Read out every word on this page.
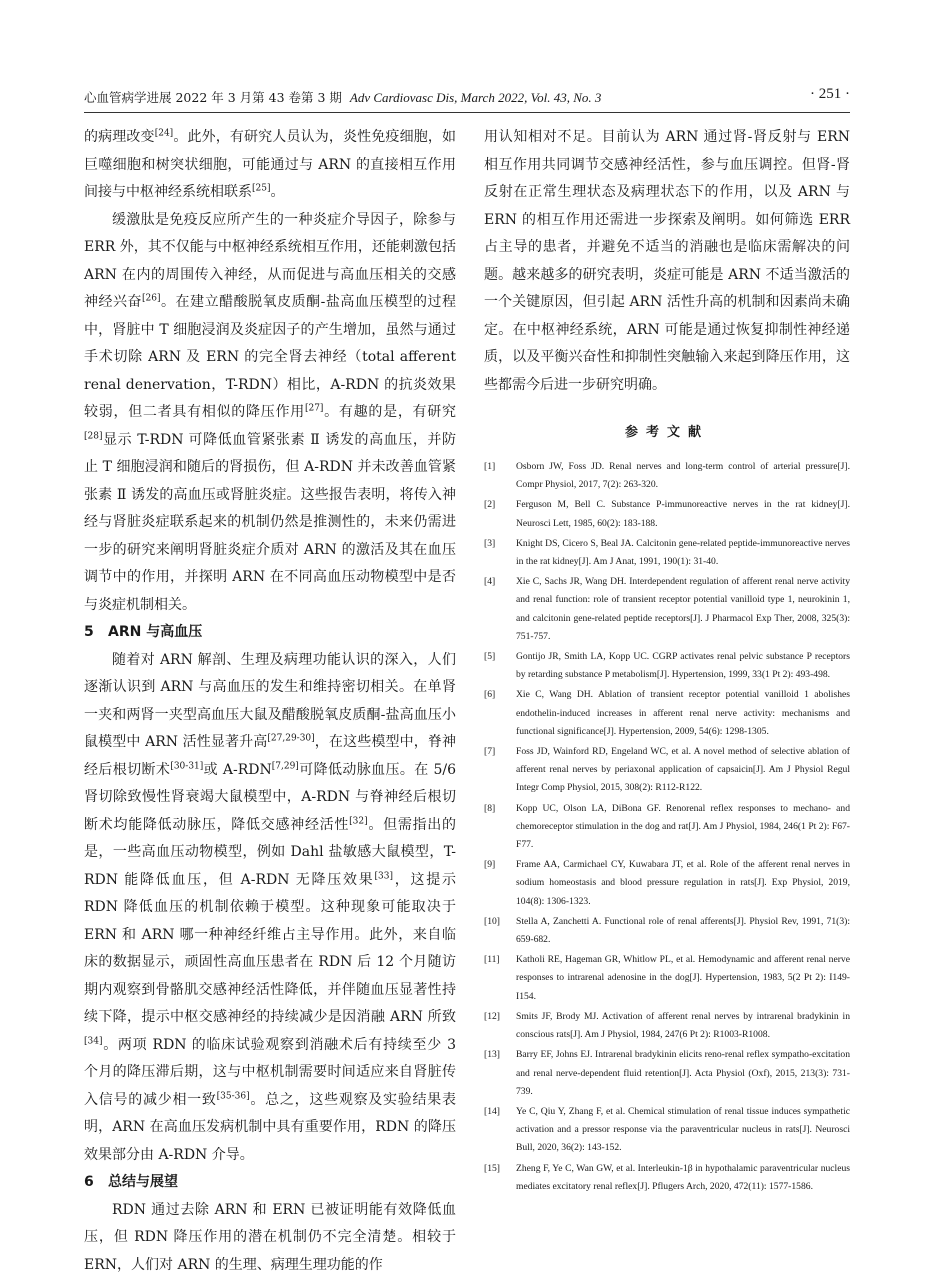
心血管病学进展 2022 年 3 月第 43 卷第 3 期 Adv Cardiovasc Dis, March 2022, Vol. 43, No. 3	· 251 ·

的病理改变[24]。此外，有研究人员认为，炎性免疫细胞，如巨噬细胞和树突状细胞，可能通过与 ARN 的直接相互作用间接与中枢神经系统相联系[25]。

缓激肽是免疫反应所产生的一种炎症介导因子，除参与 ERR 外，其不仅能与中枢神经系统相互作用，还能刺激包括 ARN 在内的周围传入神经，从而促进与高血压相关的交感神经兴奋[26]。在建立醋酸脱氧皮质酮-盐高血压模型的过程中，肾脏中 T 细胞浸润及炎症因子的产生增加，虽然与通过手术切除 ARN 及 ERN 的完全肾去神经（total afferent renal denervation，T-RDN）相比，A-RDN 的抗炎效果较弱，但二者具有相似的降压作用[27]。有趣的是，有研究[28]显示 T-RDN 可降低血管紧张素 Ⅱ 诱发的高血压，并防止 T 细胞浸润和随后的肾损伤，但 A-RDN 并未改善血管紧张素 Ⅱ 诱发的高血压或肾脏炎症。这些报告表明，将传入神经与肾脏炎症联系起来的机制仍然是推测性的，未来仍需进一步的研究来阐明肾脏炎症介质对 ARN 的激活及其在血压调节中的作用，并探明 ARN 在不同高血压动物模型中是否与炎症机制相关。

5 ARN 与高血压

随着对 ARN 解剖、生理及病理功能认识的深入，人们逐渐认识到 ARN 与高血压的发生和维持密切相关。在单肾一夹和两肾一夹型高血压大鼠及醋酸脱氧皮质酮-盐高血压小鼠模型中 ARN 活性显著升高[27,29-30]，在这些模型中，脊神经后根切断术[30-31]或 A-RDN[7,29]可降低动脉血压。在 5/6 肾切除致慢性肾衰竭大鼠模型中，A-RDN 与脊神经后根切断术均能降低动脉压，降低交感神经活性[32]。但需指出的是，一些高血压动物模型，例如 Dahl 盐敏感大鼠模型，T-RDN 能降低血压，但 A-RDN 无降压效果[33]，这提示 RDN 降低血压的机制依赖于模型。这种现象可能取决于 ERN 和 ARN 哪一种神经纤维占主导作用。此外，来自临床的数据显示，顽固性高血压患者在 RDN 后 12 个月随访期内观察到骨骼肌交感神经活性降低，并伴随血压显著性持续下降，提示中枢交感神经的持续减少是因消融 ARN 所致[34]。两项 RDN 的临床试验观察到消融术后有持续至少 3 个月的降压滞后期，这与中枢机制需要时间适应来自肾脏传入信号的减少相一致[35-36]。总之，这些观察及实验结果表明，ARN 在高血压发病机制中具有重要作用，RDN 的降压效果部分由 A-RDN 介导。

6 总结与展望

RDN 通过去除 ARN 和 ERN 已被证明能有效降低血压，但 RDN 降压作用的潜在机制仍不完全清楚。相较于 ERN，人们对 ARN 的生理、病理生理功能的作

用认知相对不足。目前认为 ARN 通过肾-肾反射与 ERN 相互作用共同调节交感神经活性，参与血压调控。但肾-肾反射在正常生理状态及病理状态下的作用，以及 ARN 与 ERN 的相互作用还需进一步探索及阐明。如何筛选 ERR 占主导的患者，并避免不适当的消融也是临床需解决的问题。越来越多的研究表明，炎症可能是 ARN 不适当激活的一个关键原因，但引起 ARN 活性升高的机制和因素尚未确定。在中枢神经系统，ARN 可能是通过恢复抑制性神经递质，以及平衡兴奋性和抑制性突触输入来起到降压作用，这些都需今后进一步研究明确。

参考文献
[1]	Osborn JW, Foss JD. Renal nerves and long-term control of arterial pressure[J]. Compr Physiol, 2017, 7(2): 263-320.
[2]	Ferguson M, Bell C. Substance P-immunoreactive nerves in the rat kidney[J]. Neurosci Lett, 1985, 60(2): 183-188.
[3]	Knight DS, Cicero S, Beal JA. Calcitonin gene-related peptide-immunoreactive nerves in the rat kidney[J]. Am J Anat, 1991, 190(1): 31-40.
[4]	Xie C, Sachs JR, Wang DH. Interdependent regulation of afferent renal nerve activity and renal function: role of transient receptor potential vanilloid type 1, neurokinin 1, and calcitonin gene-related peptide receptors[J]. J Pharmacol Exp Ther, 2008, 325(3): 751-757.
[5]	Gontijo JR, Smith LA, Kopp UC. CGRP activates renal pelvic substance P receptors by retarding substance P metabolism[J]. Hypertension, 1999, 33(1 Pt 2): 493-498.
[6]	Xie C, Wang DH. Ablation of transient receptor potential vanilloid 1 abolishes endothelin-induced increases in afferent renal nerve activity: mechanisms and functional significance[J]. Hypertension, 2009, 54(6): 1298-1305.
[7]	Foss JD, Wainford RD, Engeland WC, et al. A novel method of selective ablation of afferent renal nerves by periaxonal application of capsaicin[J]. Am J Physiol Regul Integr Comp Physiol, 2015, 308(2): R112-R122.
[8]	Kopp UC, Olson LA, DiBona GF. Renorenal reflex responses to mechano- and chemoreceptor stimulation in the dog and rat[J]. Am J Physiol, 1984, 246(1 Pt 2): F67-F77.
[9]	Frame AA, Carmichael CY, Kuwabara JT, et al. Role of the afferent renal nerves in sodium homeostasis and blood pressure regulation in rats[J]. Exp Physiol, 2019, 104(8): 1306-1323.
[10]	Stella A, Zanchetti A. Functional role of renal afferents[J]. Physiol Rev, 1991, 71(3): 659-682.
[11]	Katholi RE, Hageman GR, Whitlow PL, et al. Hemodynamic and afferent renal nerve responses to intrarenal adenosine in the dog[J]. Hypertension, 1983, 5(2 Pt 2): I149-I154.
[12]	Smits JF, Brody MJ. Activation of afferent renal nerves by intrarenal bradykinin in conscious rats[J]. Am J Physiol, 1984, 247(6 Pt 2): R1003-R1008.
[13]	Barry EF, Johns EJ. Intrarenal bradykinin elicits reno-renal reflex sympatho-excitation and renal nerve-dependent fluid retention[J]. Acta Physiol (Oxf), 2015, 213(3): 731-739.
[14]	Ye C, Qiu Y, Zhang F, et al. Chemical stimulation of renal tissue induces sympathetic activation and a pressor response via the paraventricular nucleus in rats[J]. Neurosci Bull, 2020, 36(2): 143-152.
[15]	Zheng F, Ye C, Wan GW, et al. Interleukin-1β in hypothalamic paraventricular nucleus mediates excitatory renal reflex[J]. Pflugers Arch, 2020, 472(11): 1577-1586.
